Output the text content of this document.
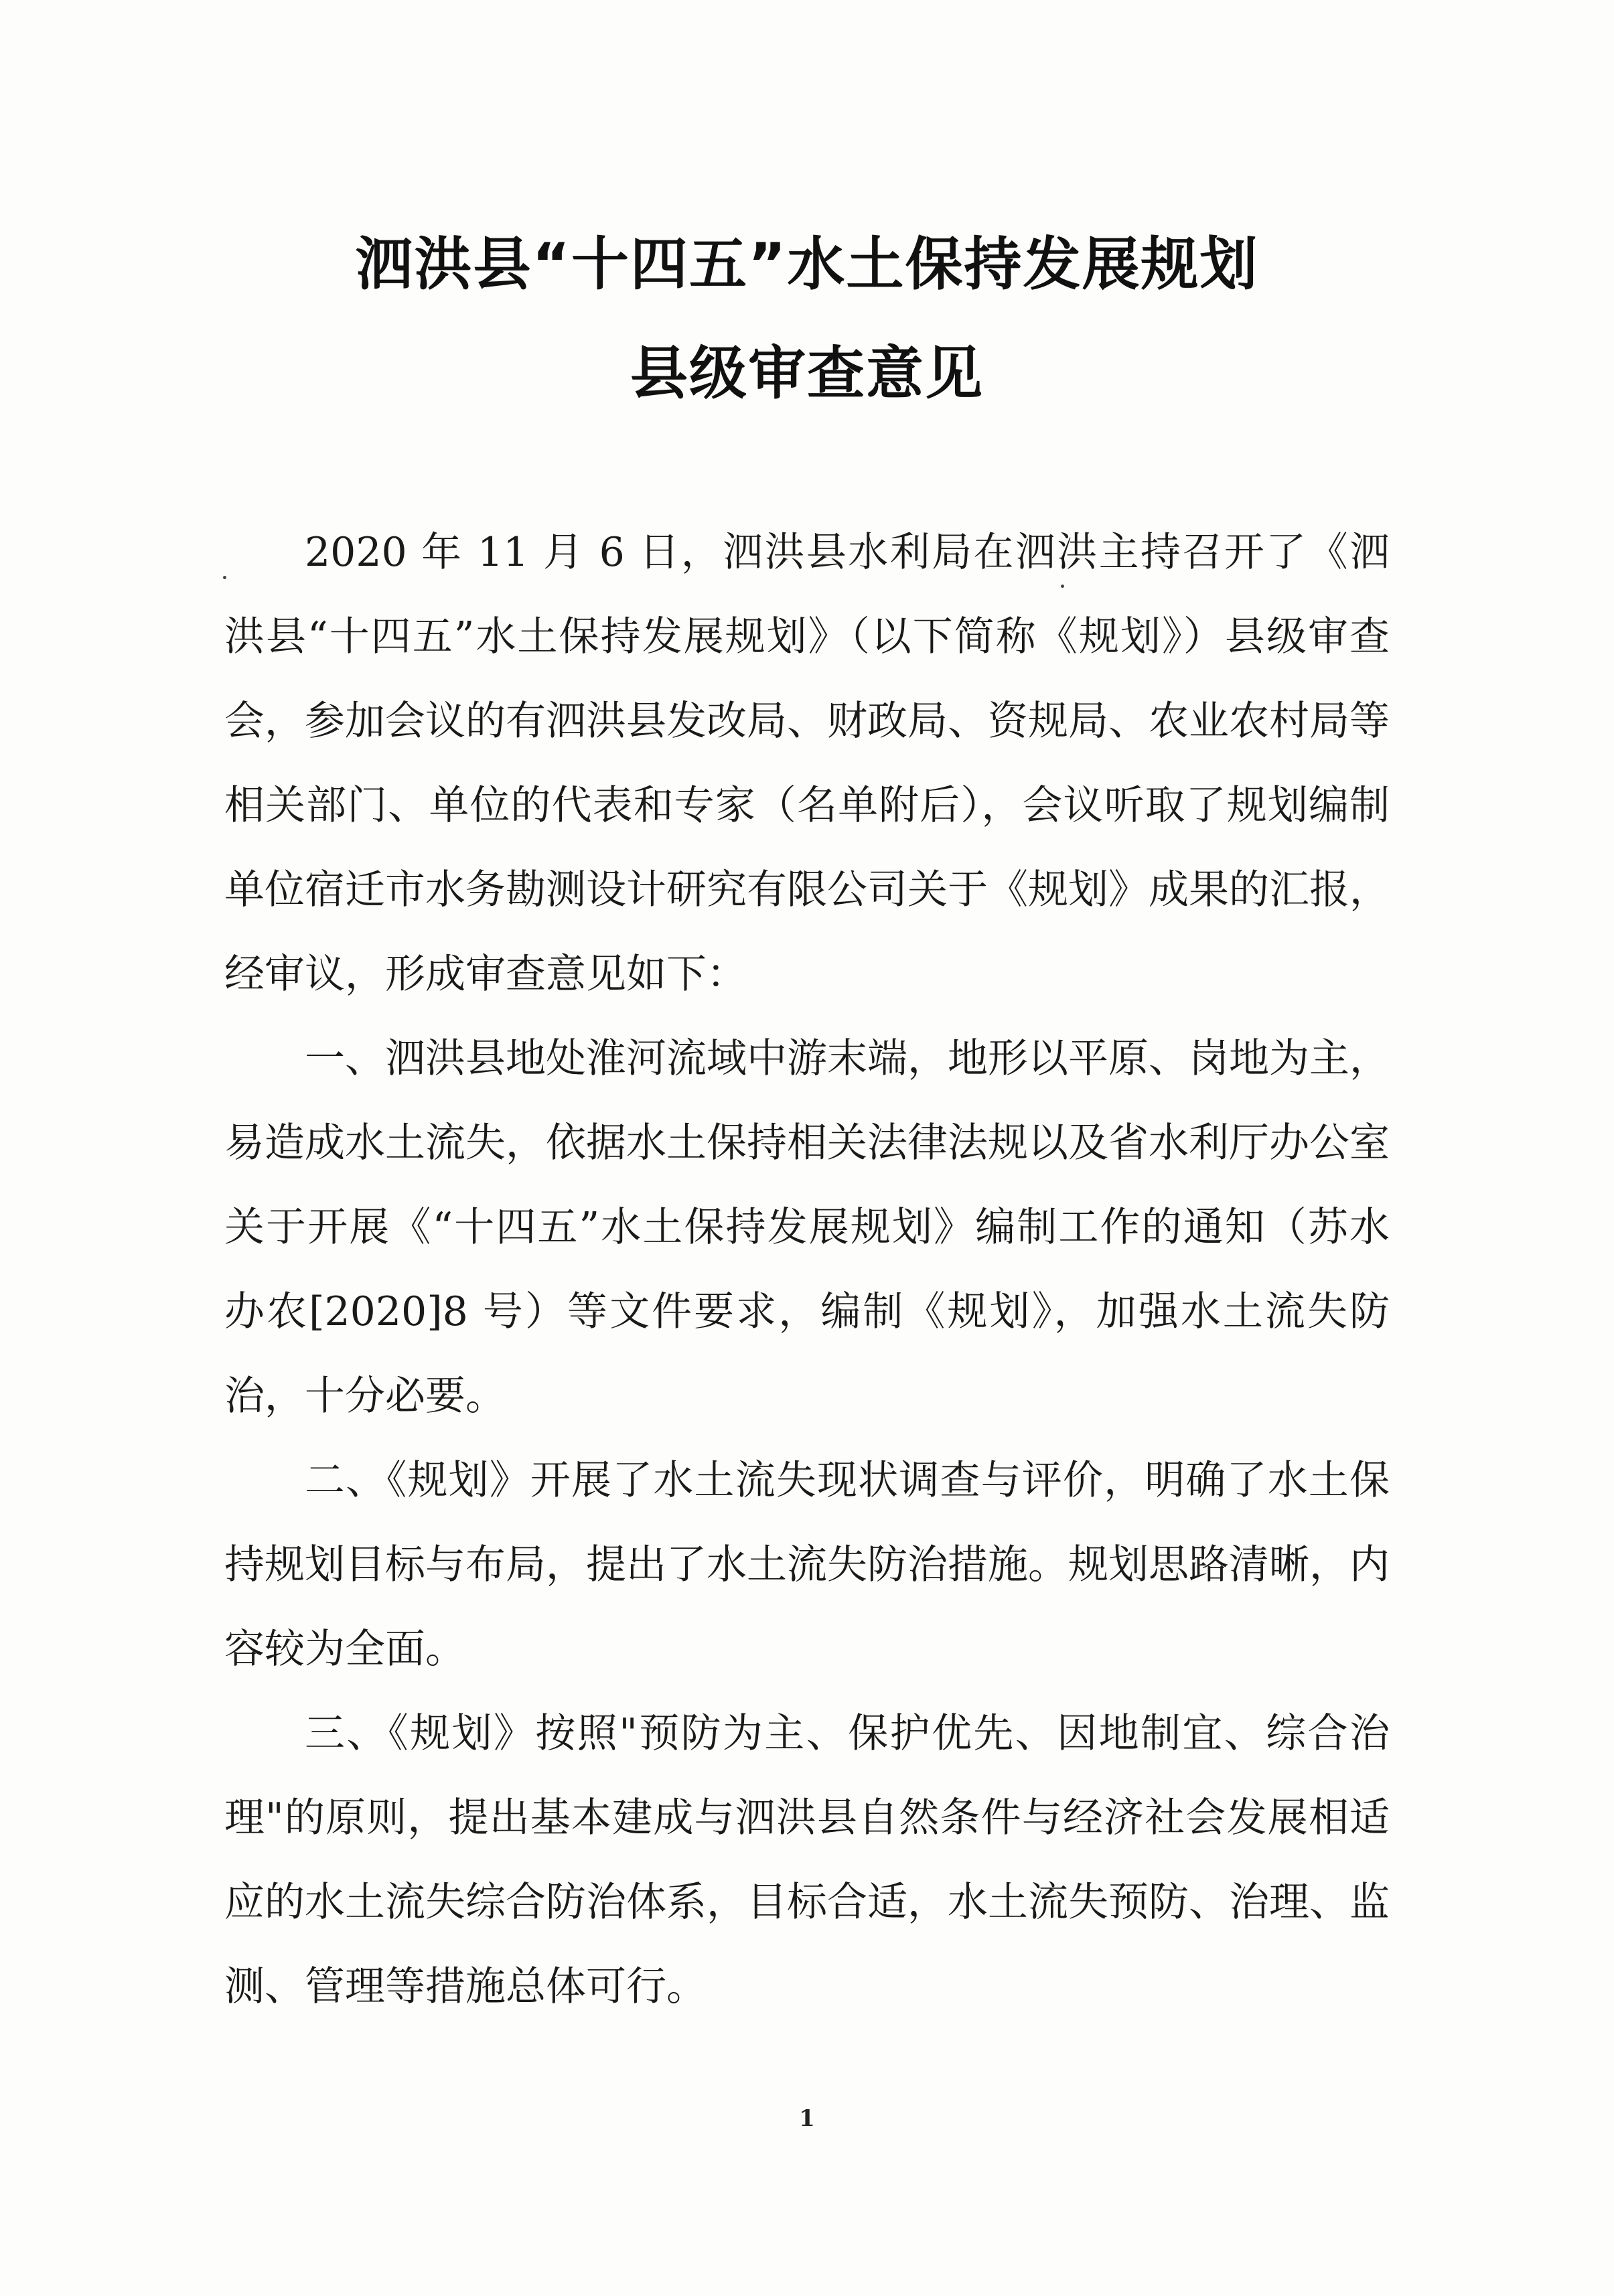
泗洪县“十四五”水土保持发展规划
县级审查意见

2020 年 11 月 6 日，泗洪县水利局在泗洪主持召开了《泗洪县“十四五”水土保持发展规划》（以下简称《规划》）县级审查会，参加会议的有泗洪县发改局、财政局、资规局、农业农村局等相关部门、单位的代表和专家（名单附后），会议听取了规划编制单位宿迁市水务勘测设计研究有限公司关于《规划》成果的汇报，经审议，形成审查意见如下：

一、泗洪县地处淮河流域中游末端，地形以平原、岗地为主，易造成水土流失，依据水土保持相关法律法规以及省水利厅办公室关于开展《“十四五”水土保持发展规划》编制工作的通知（苏水办农[2020]8 号）等文件要求，编制《规划》，加强水土流失防治，十分必要。

二、《规划》开展了水土流失现状调查与评价，明确了水土保持规划目标与布局，提出了水土流失防治措施。规划思路清晰，内容较为全面。

三、《规划》按照"预防为主、保护优先、因地制宜、综合治理"的原则，提出基本建成与泗洪县自然条件与经济社会发展相适应的水土流失综合防治体系，目标合适，水土流失预防、治理、监测、管理等措施总体可行。

1
